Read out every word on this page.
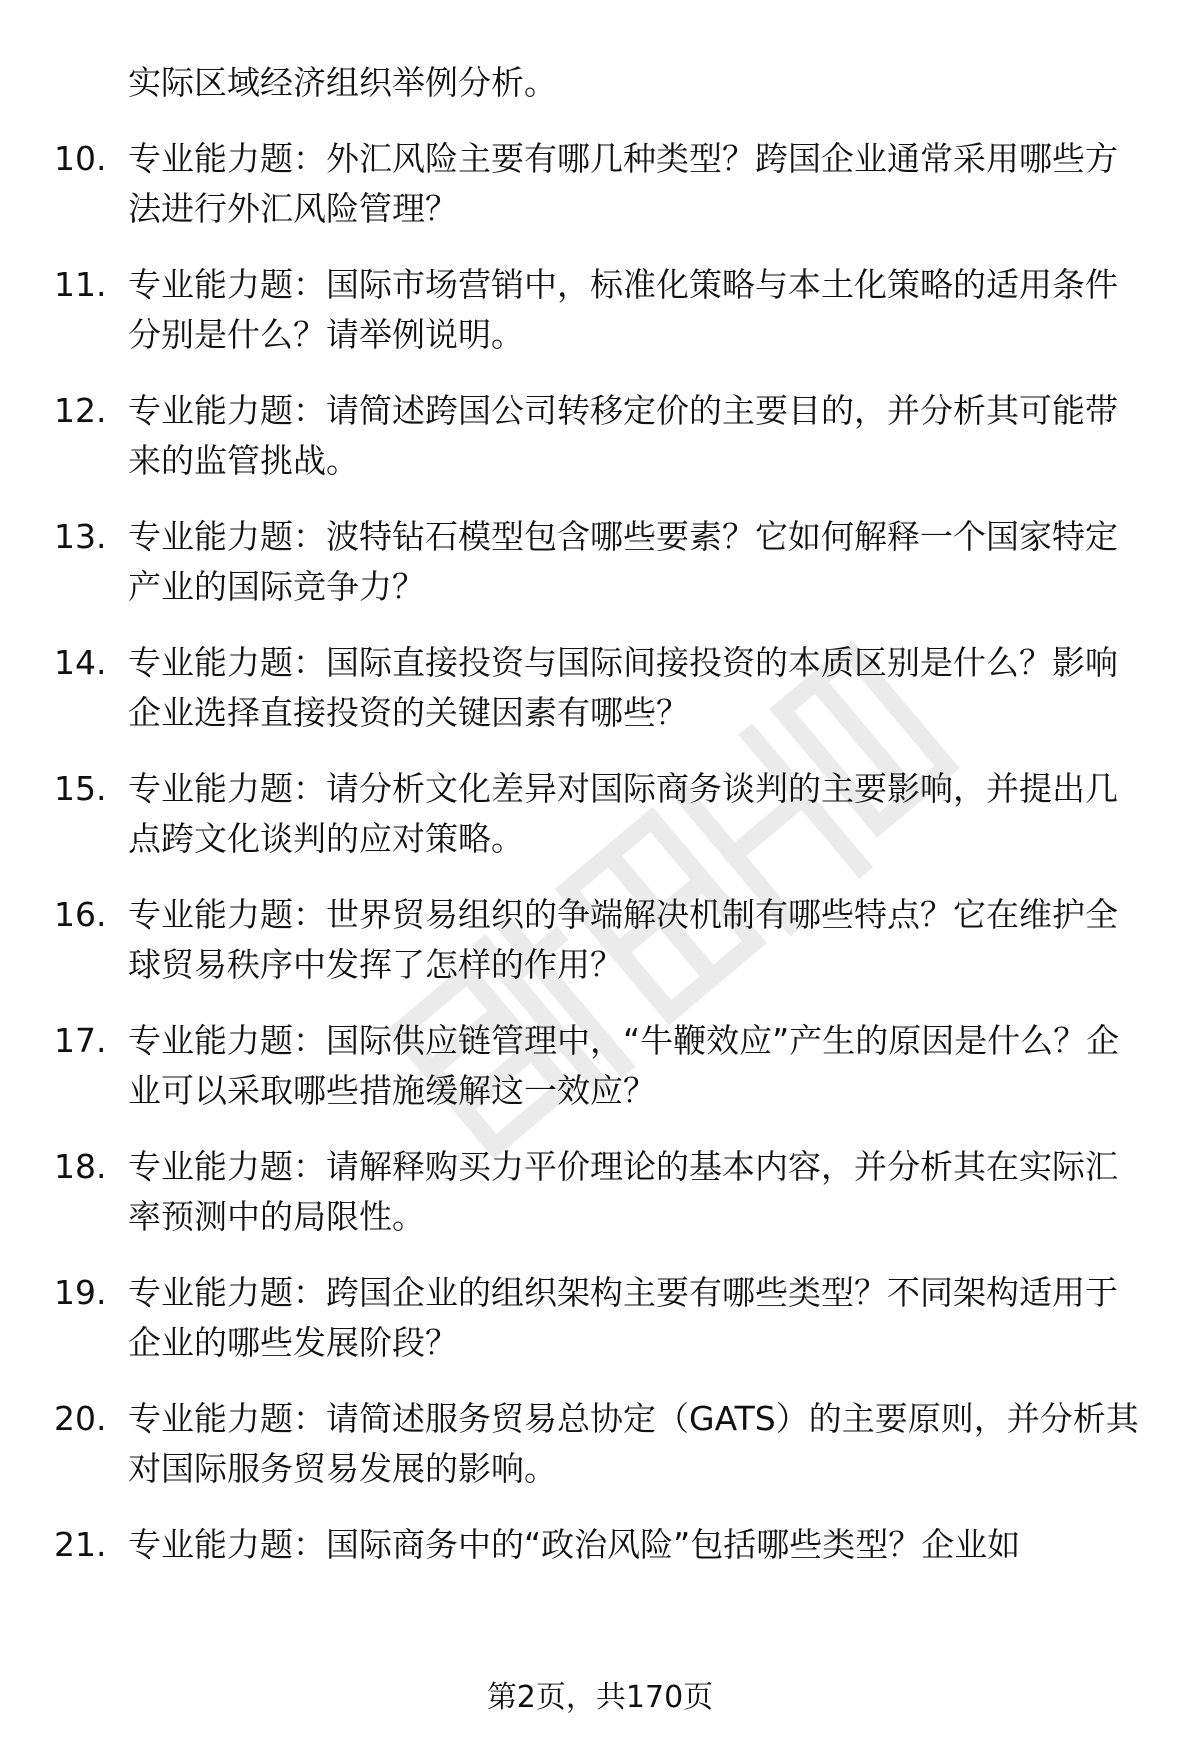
实际区域经济组织举例分析。
10. 专业能力题：外汇风险主要有哪几种类型？跨国企业通常采用哪些方法进行外汇风险管理？
11. 专业能力题：国际市场营销中，标准化策略与本土化策略的适用条件分别是什么？请举例说明。
12. 专业能力题：请简述跨国公司转移定价的主要目的，并分析其可能带来的监管挑战。
13. 专业能力题：波特钻石模型包含哪些要素？它如何解释一个国家特定产业的国际竞争力？
14. 专业能力题：国际直接投资与国际间接投资的本质区别是什么？影响企业选择直接投资的关键因素有哪些？
15. 专业能力题：请分析文化差异对国际商务谈判的主要影响，并提出几点跨文化谈判的应对策略。
16. 专业能力题：世界贸易组织的争端解决机制有哪些特点？它在维护全球贸易秩序中发挥了怎样的作用？
17. 专业能力题：国际供应链管理中，“牛鞭效应”产生的原因是什么？企业可以采取哪些措施缓解这一效应？
18. 专业能力题：请解释购买力平价理论的基本内容，并分析其在实际汇率预测中的局限性。
19. 专业能力题：跨国企业的组织架构主要有哪些类型？不同架构适用于企业的哪些发展阶段？
20. 专业能力题：请简述服务贸易总协定（GATS）的主要原则，并分析其对国际服务贸易发展的影响。
21. 专业能力题：国际商务中的“政治风险”包括哪些类型？企业如
第2页，共170页
